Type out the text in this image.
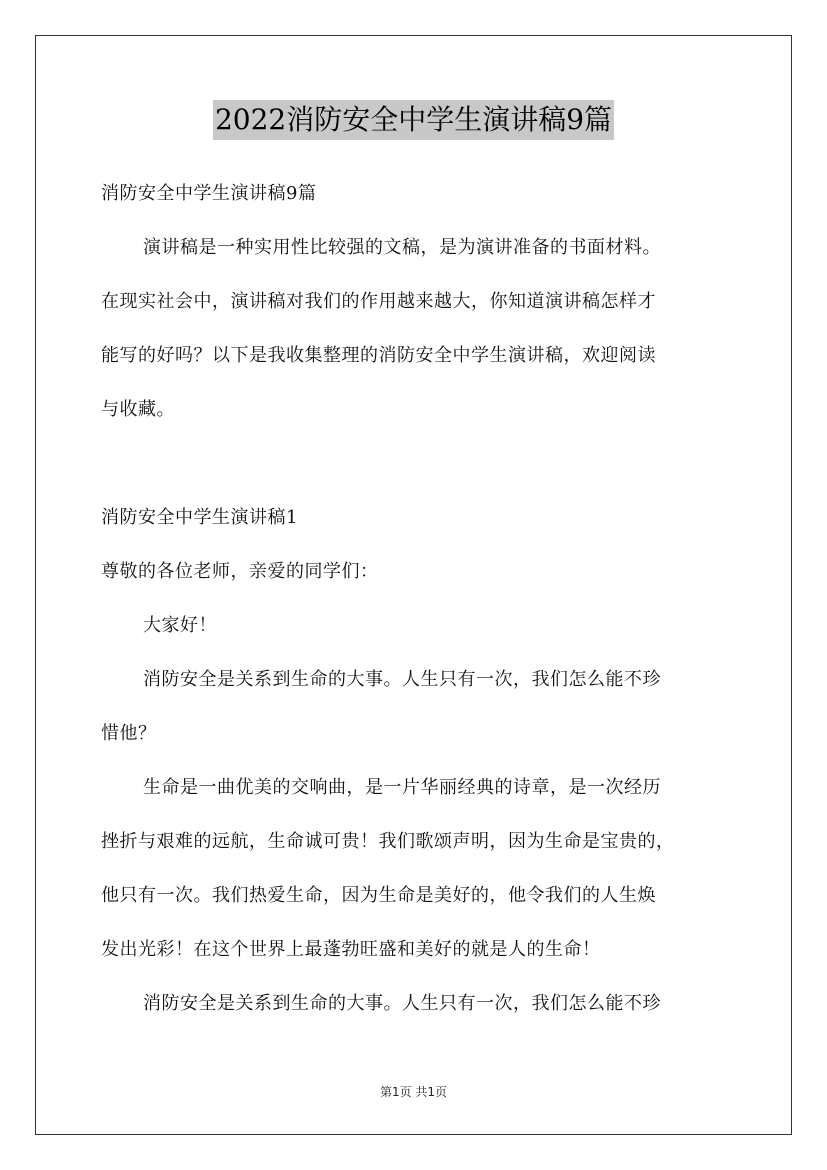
2022消防安全中学生演讲稿9篇
消防安全中学生演讲稿9篇
演讲稿是一种实用性比较强的文稿，是为演讲准备的书面材料。
在现实社会中，演讲稿对我们的作用越来越大，你知道演讲稿怎样才
能写的好吗？以下是我收集整理的消防安全中学生演讲稿，欢迎阅读
与收藏。
消防安全中学生演讲稿1
尊敬的各位老师，亲爱的同学们：
大家好！
消防安全是关系到生命的大事。人生只有一次，我们怎么能不珍
惜他？
生命是一曲优美的交响曲，是一片华丽经典的诗章，是一次经历
挫折与艰难的远航，生命诚可贵！我们歌颂声明，因为生命是宝贵的，
他只有一次。我们热爱生命，因为生命是美好的，他令我们的人生焕
发出光彩！在这个世界上最蓬勃旺盛和美好的就是人的生命！
消防安全是关系到生命的大事。人生只有一次，我们怎么能不珍
第1页 共1页
